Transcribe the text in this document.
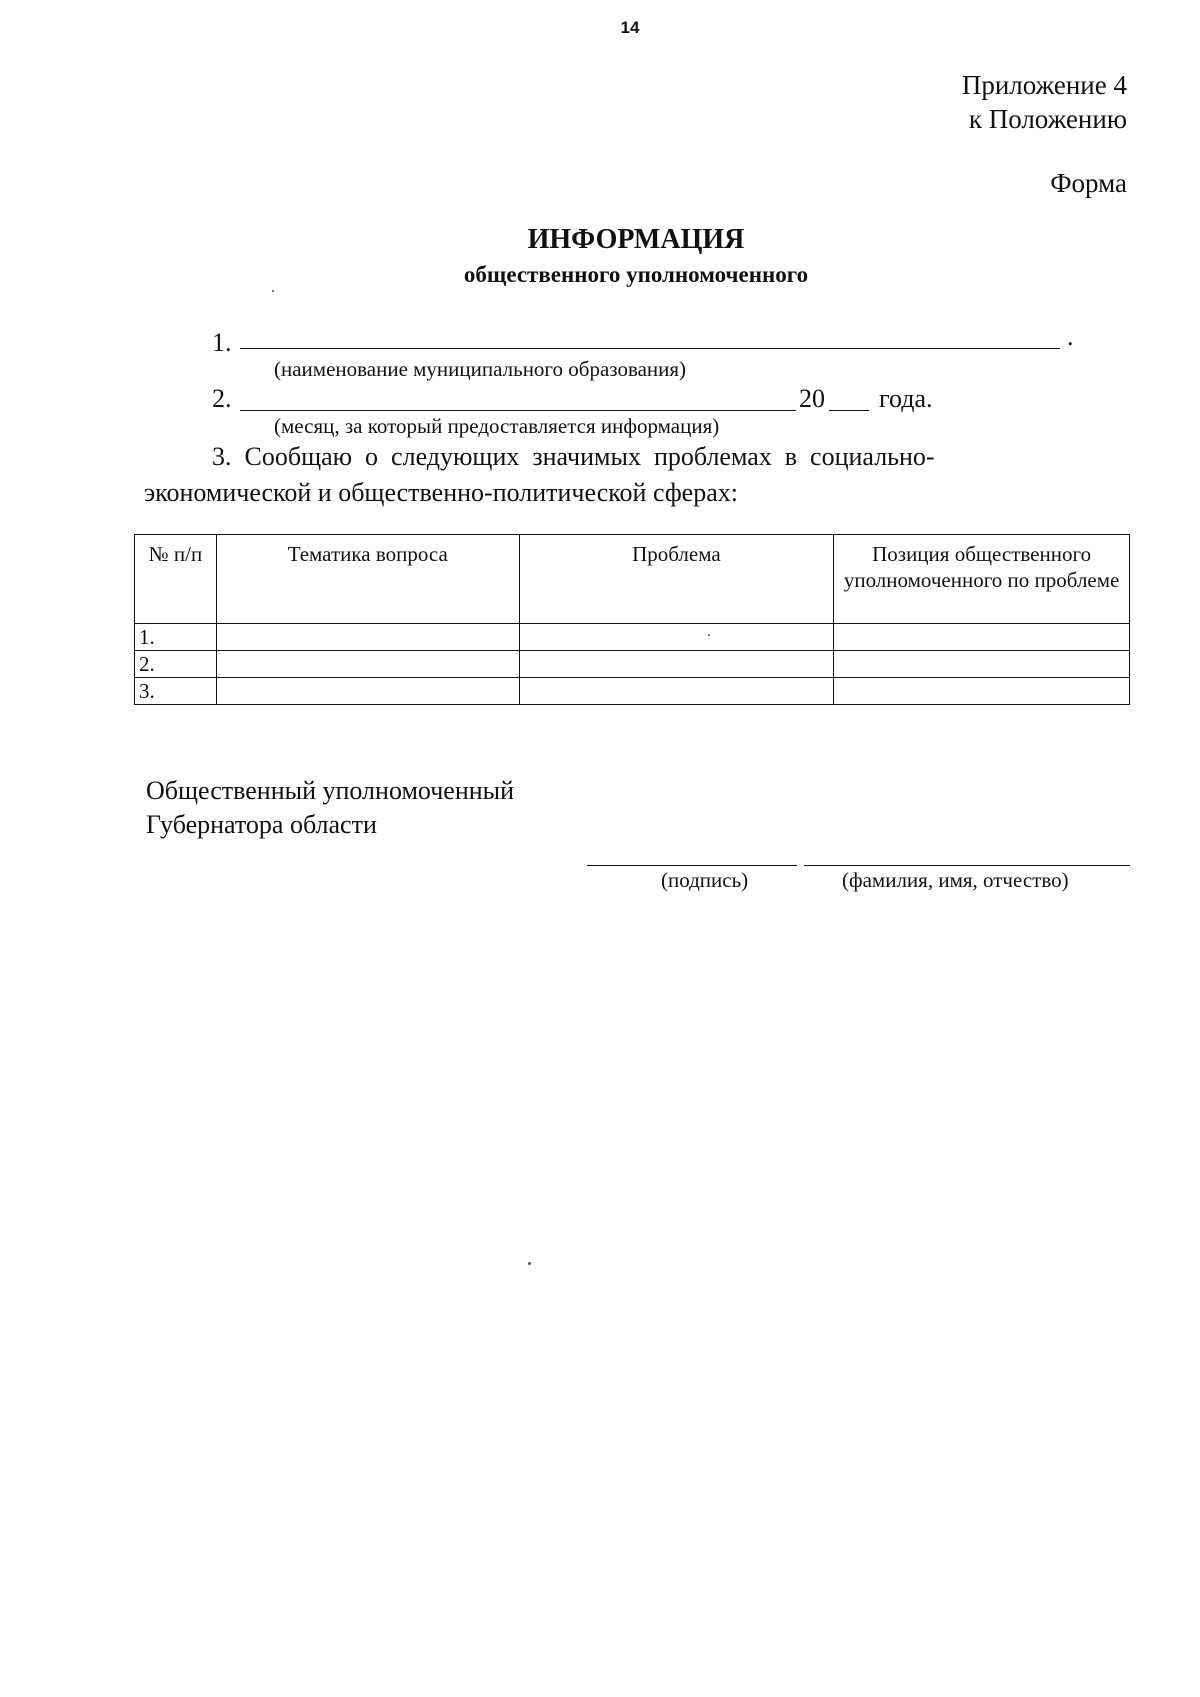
14
Приложение 4
к Положению
Форма
ИНФОРМАЦИЯ
общественного уполномоченного
1.	.
(наименование муниципального образования)
2.	20 года.
(месяц, за который предоставляется информация)
3.  Сообщаю  о  следующих  значимых  проблемах  в  социально-
экономической и общественно-политической сферах:
№ п/п	Тематика вопроса	Проблема	Позиция общественного уполномоченного по проблеме
1.			
2.			
3.			
Общественный уполномоченный
Губернатора области
(подпись)	(фамилия, имя, отчество)
